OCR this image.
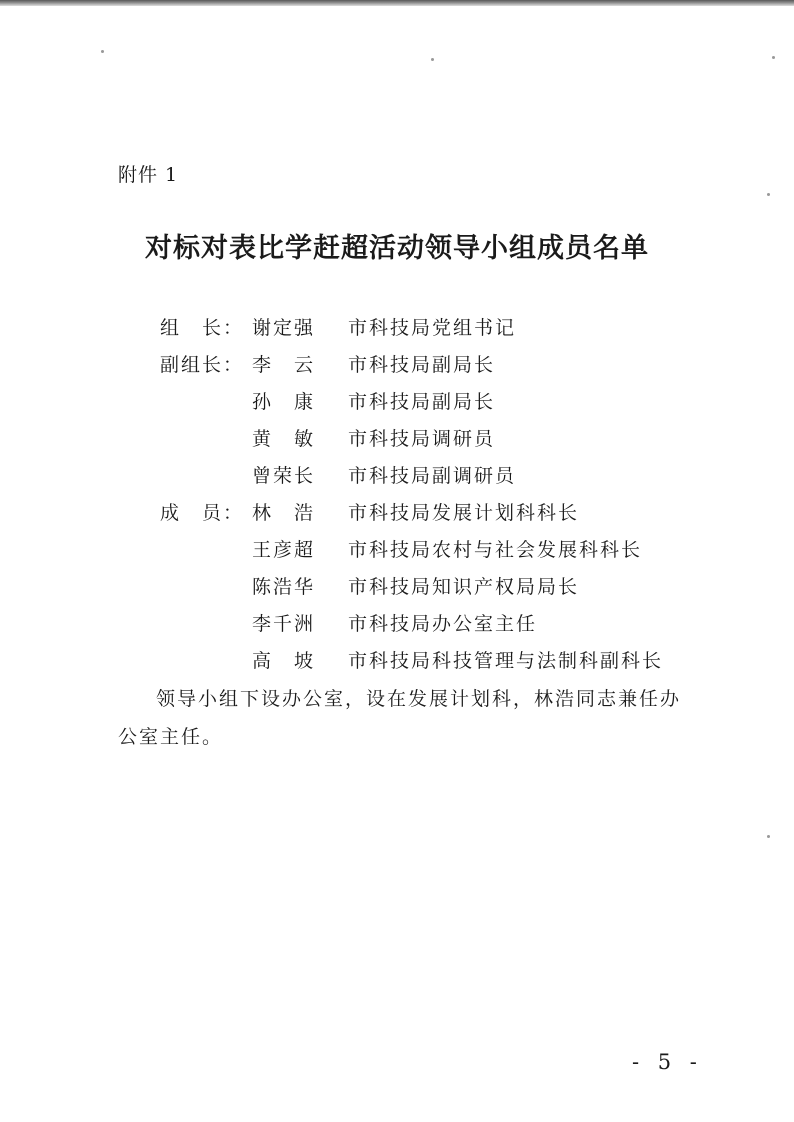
附件 1
对标对表比学赶超活动领导小组成员名单
组　长： 谢定强	市科技局党组书记
副组长： 李　云	市科技局副局长
孙　康	市科技局副局长
黄　敏	市科技局调研员
曾荣长	市科技局副调研员
成　员： 林　浩	市科技局发展计划科科长
王彦超	市科技局农村与社会发展科科长
陈浩华	市科技局知识产权局局长
李千洲	市科技局办公室主任
高　坡	市科技局科技管理与法制科副科长

领导小组下设办公室，设在发展计划科，林浩同志兼任办公室主任。

- 5 -
